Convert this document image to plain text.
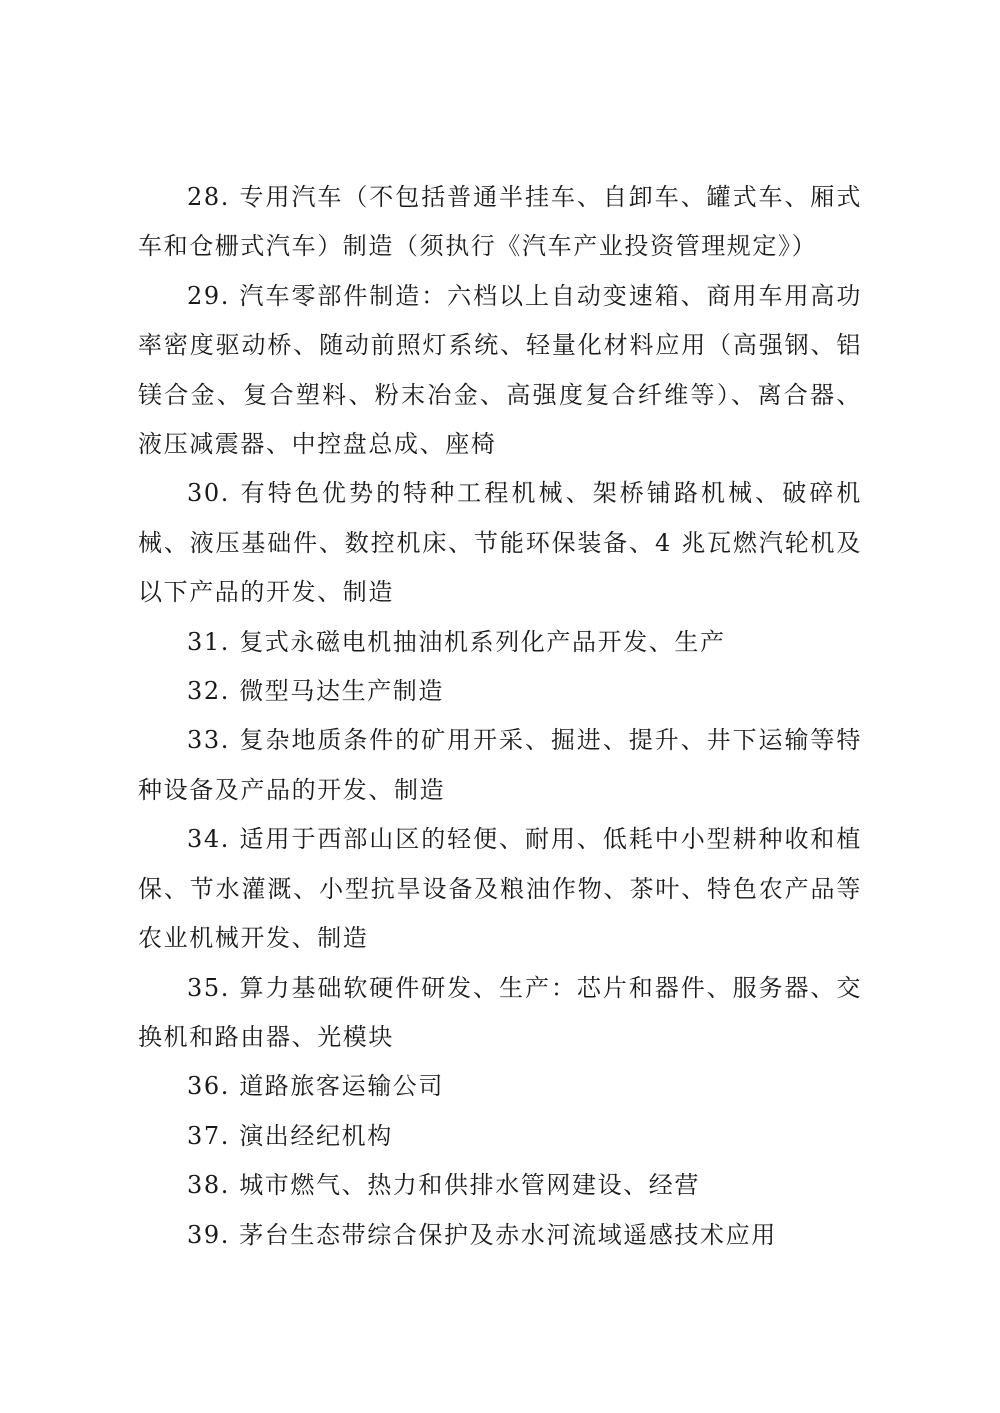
28. 专用汽车（不包括普通半挂车、自卸车、罐式车、厢式车和仓栅式汽车）制造（须执行《汽车产业投资管理规定》）

29. 汽车零部件制造：六档以上自动变速箱、商用车用高功率密度驱动桥、随动前照灯系统、轻量化材料应用（高强钢、铝镁合金、复合塑料、粉末冶金、高强度复合纤维等）、离合器、液压减震器、中控盘总成、座椅

30. 有特色优势的特种工程机械、架桥铺路机械、破碎机械、液压基础件、数控机床、节能环保装备、4 兆瓦燃汽轮机及以下产品的开发、制造

31. 复式永磁电机抽油机系列化产品开发、生产

32. 微型马达生产制造

33. 复杂地质条件的矿用开采、掘进、提升、井下运输等特种设备及产品的开发、制造

34. 适用于西部山区的轻便、耐用、低耗中小型耕种收和植保、节水灌溉、小型抗旱设备及粮油作物、茶叶、特色农产品等农业机械开发、制造

35. 算力基础软硬件研发、生产：芯片和器件、服务器、交换机和路由器、光模块

36. 道路旅客运输公司

37. 演出经纪机构

38. 城市燃气、热力和供排水管网建设、经营

39. 茅台生态带综合保护及赤水河流域遥感技术应用
